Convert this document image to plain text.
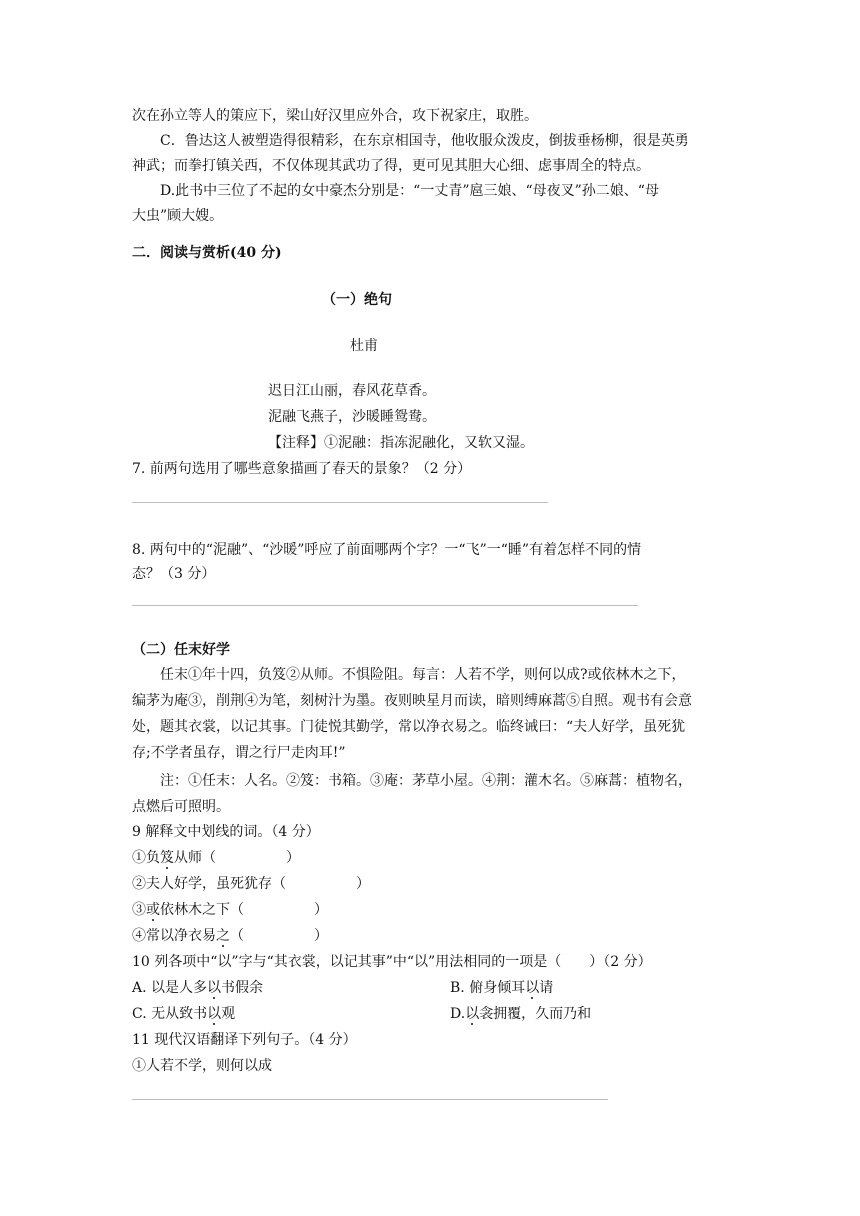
次在孙立等人的策应下，梁山好汉里应外合，攻下祝家庄，取胜。
C．鲁达这人被塑造得很精彩，在东京相国寺，他收服众泼皮，倒拔垂杨柳，很是英勇
神武；而拳打镇关西，不仅体现其武功了得，更可见其胆大心细、虑事周全的特点。
D.此书中三位了不起的女中豪杰分别是：“一丈青”扈三娘、“母夜叉”孙二娘、“母
大虫”顾大嫂。
二．阅读与赏析(40 分)
（一）绝句
杜甫
迟日江山丽，春风花草香。
泥融飞燕子，沙暖睡鸳鸯。
【注释】①泥融：指冻泥融化，又软又湿。
7. 前两句选用了哪些意象描画了春天的景象？（2 分）
8. 两句中的“泥融”、“沙暖”呼应了前面哪两个字？一“飞”一“睡”有着怎样不同的情
态？（3 分）
（二）任末好学
任末①年十四，负笈②从师。不惧险阻。每言：人若不学，则何以成?或依林木之下，
编茅为庵③，削荆④为笔，刻树汁为墨。夜则映星月而读，暗则缚麻蒿⑤自照。观书有会意
处，题其衣裳，以记其事。门徒悦其勤学，常以净衣易之。临终诫曰：“夫人好学，虽死犹
存;不学者虽存，谓之行尸走肉耳!”
注：①任末：人名。②笈：书箱。③庵：茅草小屋。④荆：灌木名。⑤麻蒿：植物名，
点燃后可照明。
9 解释文中划线的词。（4 分）
①负笈从师（　　　　　）
②夫人好学，虽死犹存（　　　　　）
③或依林木之下（　　　　　）
④常以净衣易之（　　　　　）
10 列各项中“以”字与“其衣裳，以记其事”中“以”用法相同的一项是（　　）（2 分）
A. 以是人多以书假余	B. 俯身倾耳以请
C. 无从致书以观	D.以衾拥覆，久而乃和
11 现代汉语翻译下列句子。（4 分）
①人若不学，则何以成
